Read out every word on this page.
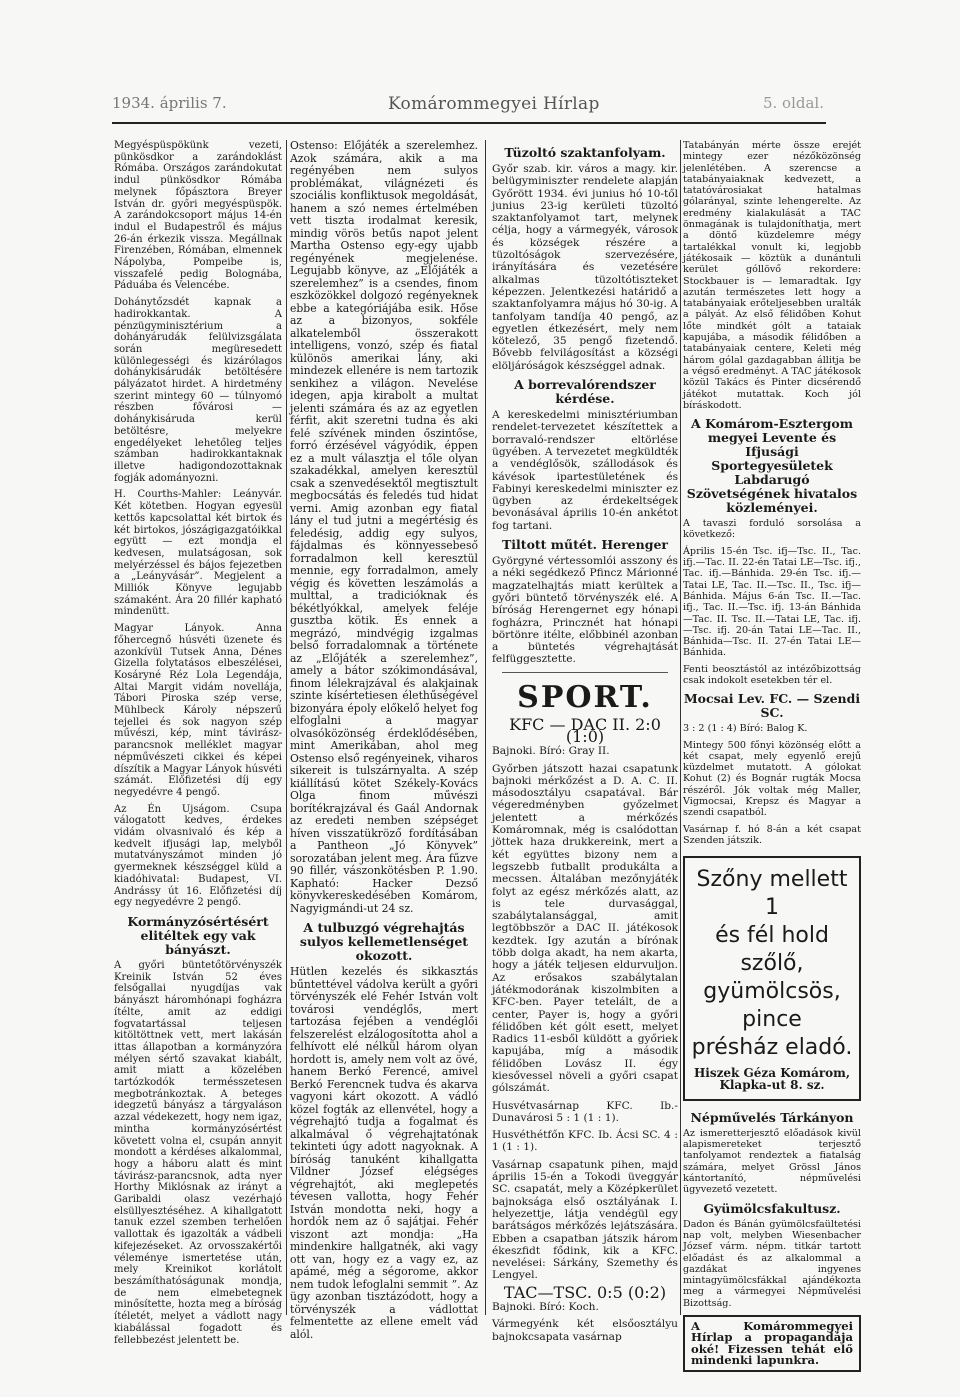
1934. április 7.	Komárommegyei Hírlap	5. oldal.

Megyéspüspökünk vezeti, pünkösdkor a zarándoklást Rómába. Országos zarándokutat indul pünkösdkor Rómába melynek főpásztora Breyer István dr. győri megyéspüspök. A zarándokcsoport május 14-én indul el Budapestről és május 26-án érkezik vissza. Megállnak Firenzében, Rómában, elmennek Nápolyba, Pompeibe is, visszafelé pedig Bolognába, Páduába és Velencébe.

Dohánytőzsdét kapnak a hadirokkantak. A pénzügyminisztérium a dohányárudák felülvizsgálata során megüresedett különlegességi és kizárólagos dohánykisárudák betöltésére pályázatot hirdet. A hirdetmény szerint mintegy 60 — túlnyomó részben fővárosi — dohánykisáruda kerül betöltésre, melyekre engedélyeket lehetőleg teljes számban hadirokkantaknak illetve hadigondozottaknak fogják adományozni.

H. Courths-Mahler: Leányvár. Két kötetben. Hogyan egyesül kettős kapcsolattal két birtok és két birtokos, jószágigazgatóikkal együtt — ezt mondja el kedvesen, mulatságosan, sok melyérzéssel és bájos fejezetben a „Leányvásár”. Megjelent a Milliók Könyve legujabb számaként. Ára 20 fillér kapható mindenütt.

Magyar Lányok. Anna főhercegnő húsvéti üzenete és azonkívül Tutsek Anna, Dénes Gizella folytatásos elbeszélései, Kosáryné Réz Lola Legendája, Altai Margit vidám novellája, Tábori Piroska szép verse, Mühlbeck Károly népszerű tejellei és sok nagyon szép művészi, kép, mint távirász-parancsnok melléklet magyar népművészeti cikkei és képei díszítik a Magyar Lányok húsvéti számát. Előfizetési díj egy negyedévre 4 pengő.

Az Én Ujságom. Csupa válogatott kedves, érdekes vidám olvasnivaló és kép a kedvelt ifjusági lap, melyből mutatványszámot minden jó gyermeknek készséggel küld a kiadóhivatal: Budapest, VI. Andrássy út 16. Előfizetési díj egy negyedévre 2 pengő.

Kormányzósértésért elitéltek egy vak bányászt.

A győri büntetőtörvényszék Kreinik István 52 éves felsőgallai nyugdíjas vak bányászt háromhónapi fogházra ítélte, amit az eddigi fogvatartással teljesen kitöltöttnek vett, mert lakásán ittas állapotban a kormányzóra mélyen sértő szavakat kiabált, amit miatt a közelében tartózkodók termésszetesen megbotránkoztak. A beteges idegzetű bányász a tárgyaláson azzal védekezett, hogy nem igaz, mintha kormányzósértést követett volna el, csupán annyit mondott a kérdéses alkalommal, hogy a háboru alatt és mint távirász-parancsnok, adta nyer Horthy Miklósnak az irányt a Garibaldi olasz vezérhajó elsüllyesztéséhez. A kihallgatott tanuk ezzel szemben terhelően vallottak és igazolták a vádbeli kifejezéseket. Az orvosszakértői véleménye ismertetése után, mely Kreinikot korlátolt beszámíthatóságunak mondja, de nem elmebetegnek minősítette, hozta meg a bíróság ítéletét, melyet a vádlott nagy kiabálással fogadott és fellebbezést jelentett be.

Ostenso: Előjáték a szerelemhez. Azok számára, akik a ma regényében nem sulyos problémákat, világnézeti és szociális konfliktusok megoldását, hanem a szó nemes értelmében vett tiszta irodalmat keresik, mindig vörös betűs napot jelent Martha Ostenso egy-egy ujabb regényének megjelenése. Legujabb könyve, az „Előjáték a szerelemhez” is a csendes, finom eszközökkel dolgozó regényeknek ebbe a kategóriájába esik. Hőse az a bizonyos, sokféle alkatelemből összerakott intelligens, vonzó, szép és fiatal különös amerikai lány, aki mindezek ellenére is nem tartozik senkihez a világon. Nevelése idegen, apja kirabolt a multat jelenti számára és az az egyetlen férfit, akit szeretni tudna és aki felé szívének minden őszintőse, forró érzésével vágyódik, éppen ez a mult választja el tőle olyan szakadékkal, amelyen keresztül csak a szenvedésektől megtisztult megbocsátás és feledés tud hidat verni. Amig azonban egy fiatal lány el tud jutni a megértésig és feledésig, addig egy sulyos, fájdalmas és könnyessebeső forradalmon kell keresztül mennie, egy forradalmon, amely végig és követten leszámolás a multtal, a tradicióknak és békétlyókkal, amelyek feléje gusztba kötik. És ennek a megrázó, mindvégig izgalmas belső forradalomnak a története az „Előjáték a szerelemhez”, amely a bátor szókimondásával, finom lélekrajzával és alakjainak szinte kísértetiesen élethűségével bizonyára époly előkelő helyet fog elfoglalni a magyar olvasóközönség érdeklődésében, mint Amerikában, ahol meg Ostenso első regényeinek, viharos sikereit is tulszárnyalta. A szép kiállítású kötet Székely-Kovács Olga finom művészi borítékrajzával és Gaál Andornak az eredeti nemben szépséget híven visszatükröző fordításában a Pantheon „Jó Könyvek” sorozatában jelent meg. Ára fűzve 90 fillér, vászonkötésben P. 1.90. Kapható: Hacker Dezső könyvkereskedésében Komárom, Nagyigmándi-ut 24 sz.

A tulbuzgó végrehajtás sulyos kellemetlenséget okozott.

Hütlen kezelés és sikkasztás bűntettével vádolva került a győri törvényszék elé Fehér István volt továrosi vendéglős, mert tartozása fejében a vendéglői felszerelést elzálogosította ahol a felhívott elé nélkül három olyan hordott is, amely nem volt az övé, hanem Berkó Ferencé, amivel Berkó Ferencnek tudva és akarva vagyoni kárt okozott. A vádló közel fogták az ellenvétel, hogy a végrehajtó tudja a fogalmat és alkalmával ő végrehajtatónak tekinteti úgy adott nagyoknak. A bíróság tanuként kihallgatta Vildner József elégséges végrehajtót, aki meglepetés tévesen vallotta, hogy Fehér István mondotta neki, hogy a hordók nem az ő sajátjai. Fehér viszont azt mondja: „Ha mindenkire hallgatnék, aki vagy ott van, hogy ez a vagy ez, az apámé, még a ségorome, akkor nem tudok lefoglalni semmit ”. Az ügy azonban tisztázódott, hogy a törvényszék a vádlottat felmentette az ellene emelt vád alól.

Tüzoltó szaktanfolyam.

Győr szab. kir. város a magy. kir. belügyminiszter rendelete alapján Győrött 1934. évi junius hó 10-től junius 23-ig kerületi tüzoltó szaktanfolyamot tart, melynek célja, hogy a vármegyék, városok és községek részére a tüzoltóságok szervezésére, irányítására és vezetésére alkalmas tüzoltótiszteket képezzen. Jelentkezési határidő a szaktanfolyamra május hó 30-ig. A tanfolyam tandíja 40 pengő, az egyetlen étkezésért, mely nem kötelező, 35 pengő fizetendő. Bővebb felvilágosítást a községi elöljáróságok készséggel adnak.

A borrevalórendszer kérdése.

A kereskedelmi minisztériumban rendelet-tervezetet készítettek a borravaló-rendszer eltörlése ügyében. A tervezetet megküldték a vendéglősök, szállodások és kávésok ipartestületének és Fabinyi kereskedelmi miniszter ez ügyben az érdekeltségek bevonásával április 10-én ankétot fog tartani.

Tiltott műtét. Herenger

Györgyné vértessomlói asszony és a néki segédkező Pfincz Márionné magzatelhajtás miatt kerültek a győri büntető törvényszék elé. A bíróság Herengernet egy hónapi fogházra, Princznét hat hónapi börtönre itélte, előbbinél azonban a büntetés végrehajtását felfüggesztette.

SPORT.
KFC — DAC II. 2:0 (1:0)

Bajnoki. Bíró: Gray II.

Győrben játszott hazai csapatunk bajnoki mérkőzést a D. A. C. II. másodosztályu csapatával. Bár végeredményben győzelmet jelentett a mérkőzés Komáromnak, még is csalódottan jöttek haza drukkereink, mert a két együttes bizony nem a legszebb futballt produkálta a mecssen. Általában mezőnyjáték folyt az egész mérkőzés alatt, az is tele durvasággal, szabálytalansággal, amit legtöbbször a DAC II. játékosok kezdtek. Igy azután a bírónak több dolga akadt, ha nem akarta, hogy a játék teljesen eldurvuljon. Az erősakos szabálytalan játékmodorának kiszolmbiten a KFC-ben. Payer tetelált, de a center, Payer is, hogy a győri félidőben két gólt esett, melyet Radics 11-esből küldött a győriek kapujába, míg a második félidőben Lovász II. égy kiesővessel növeli a győri csapat gólszámát.

Husvétvasárnap KFC. Ib.-Dunavárosi 5 : 1 (1 : 1).

Husvéthétfőn KFC. Ib. Ácsi SC. 4 : 1 (1 : 1).

Vasárnap csapatunk pihen, majd április 15-én a Tokodi üveggyár SC. csapatát, mely a Középkerület bajnoksága első osztályának I. helyezettje, látja vendégül egy barátságos mérkőzés lejátszására. Ebben a csapatban játszik három ékeszfidt fődink, kik a KFC. nevelései: Sárkány, Szemethy és Lengyel.

TAC—TSC. 0:5 (0:2)

Bajnoki. Bíró: Koch.

Vármegyénk két elsőosztályu bajnokcsapata vasárnap

Tatabányán mérte össze erejét mintegy ezer nézőközönség jelenlétében. A szerencse a tatabányaiaknak kedvezett, a tatatóvárosiakat hatalmas gólarányal, szinte lehengerelte. Az eredmény kialakulását a TAC önmagának is tulajdoníthatja, mert a döntő küzdelemre mégy tartalékkal vonult ki, legjobb játékosaik — köztük a dunántuli kerület góllövő rekordere: Stockbauer is — lemaradtak. Igy azután természetes lett hogy a tatabányaiak erőteljesebben uralták a pályát. Az első félidőben Kohut lőte mindkét gólt a tataiak kapujába, a második félidőben a tatabányaiak centere, Keleti még három gólal gazdagabban állitja be a végső eredményt. A TAC játékosok közül Takács és Pinter dicsérendő játékot mutattak. Koch jól bíráskodott.

A Komárom-Esztergom megyei Levente és Ifjusági Sportegyesületek Labdarugó Szövetségének hivatalos közleményei.

A tavaszi forduló sorsolása a következő:

Április 15-én Tsc. ifj—Tsc. II., Tac. ifj.—Tac. II. 22-én Tatai LE—Tsc. ifj., Tac. ifj.—Bánhida. 29-én Tsc. ifj.— Tatai LE, Tac. II.—Tsc. II., Tsc. ifj—Bánhida. Május 6-án Tsc. II.—Tac. ifj., Tac. II.—Tsc. ifj. 13-án Bánhida—Tac. II. Tsc. II.—Tatai LE, Tac. ifj.—Tsc. ifj. 20-án Tatai LE—Tac. II., Bánhida—Tsc. II. 27-én Tatai LE—Bánhida.

Fenti beosztástól az intézőbizottság csak indokolt esetekben tér el.

Mocsai Lev. FC. — Szendi SC.

3 : 2 (1 : 4) Bíró: Balog K.

Mintegy 500 főnyi közönség előtt a két csapat, mely egyenlő erejű küzdelmet mutatott. A gólokat Kohut (2) és Bognár rugták Mocsa részéről. Jók voltak még Maller, Vigmocsai, Krepsz és Magyar a szendi csapatból.

Vasárnap f. hó 8-án a két csapat Szenden játszik.

Szőny mellett 1
és fél hold szőlő,
gyümölcsös, pince
présház eladó.
Hiszek Géza Komárom, Klapka-ut 8. sz.
Népművelés Tárkányon

Az ismeretterjesztő előadások kivül alapismereteket terjesztő tanfolyamot rendeztek a fiatalság számára, melyet Grössl János kántortanító, népművelési ügyvezető vezetett.

Gyümölcsfakultusz.

Dadon és Bánán gyümölcsfaültetési nap volt, melyben Wiesenbacher József várm. népm. titkár tartott előadást és az alkalommal a gazdákat ingyenes mintagyümölcsfákkal ajándékozta meg a vármegyei Népművelési Bizottság.

A Komárommegyei Hírlap a propagandája oké! Fizessen tehát elő mindenki lapunkra.
